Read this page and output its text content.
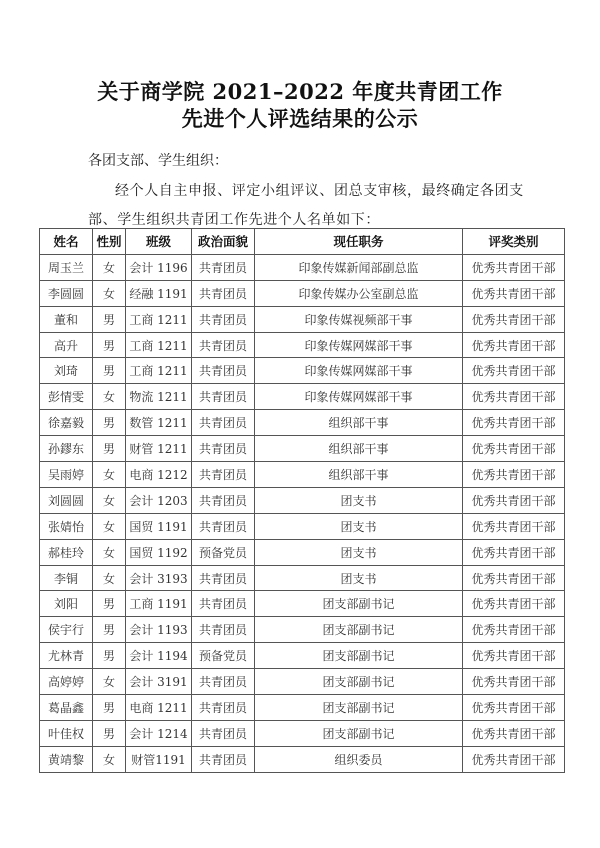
关于商学院 2021–2022 年度共青团工作
先进个人评选结果的公示
各团支部、学生组织：
经个人自主申报、评定小组评议、团总支审核，最终确定各团支
部、学生组织共青团工作先进个人名单如下：
姓名	性别	班级	政治面貌	现任职务	评奖类别
周玉兰	女	会计 1196	共青团员	印象传媒新闻部副总监	优秀共青团干部
李圆圆	女	经融 1191	共青团员	印象传媒办公室副总监	优秀共青团干部
董和	男	工商 1211	共青团员	印象传媒视频部干事	优秀共青团干部
高升	男	工商 1211	共青团员	印象传媒网媒部干事	优秀共青团干部
刘琦	男	工商 1211	共青团员	印象传媒网媒部干事	优秀共青团干部
彭情雯	女	物流 1211	共青团员	印象传媒网媒部干事	优秀共青团干部
徐嘉毅	男	数管 1211	共青团员	组织部干事	优秀共青团干部
孙鏐东	男	财管 1211	共青团员	组织部干事	优秀共青团干部
吴雨婷	女	电商 1212	共青团员	组织部干事	优秀共青团干部
刘圆圆	女	会计 1203	共青团员	团支书	优秀共青团干部
张婧怡	女	国贸 1191	共青团员	团支书	优秀共青团干部
郝桂玲	女	国贸 1192	预备党员	团支书	优秀共青团干部
李铜	女	会计 3193	共青团员	团支书	优秀共青团干部
刘阳	男	工商 1191	共青团员	团支部副书记	优秀共青团干部
侯宇行	男	会计 1193	共青团员	团支部副书记	优秀共青团干部
尤林青	男	会计 1194	预备党员	团支部副书记	优秀共青团干部
高婷婷	女	会计 3191	共青团员	团支部副书记	优秀共青团干部
葛晶鑫	男	电商 1211	共青团员	团支部副书记	优秀共青团干部
叶佳权	男	会计 1214	共青团员	团支部副书记	优秀共青团干部
黄靖黎	女	财管1191	共青团员	组织委员	优秀共青团干部
